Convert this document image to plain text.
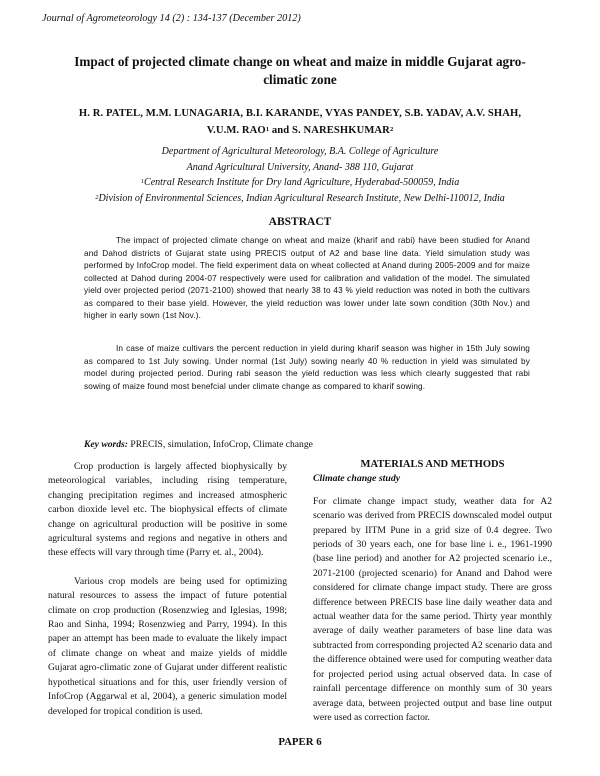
Journal of Agrometeorology 14 (2) : 134-137 (December 2012)
Impact of projected climate change on wheat and maize in middle Gujarat agro-climatic zone
H. R. PATEL, M.M. LUNAGARIA, B.I. KARANDE, VYAS PANDEY, S.B. YADAV, A.V. SHAH,
V.U.M. RAO$^1$ and S. NARESHKUMAR$^2$
Department of Agricultural Meteorology, B.A. College of Agriculture
Anand Agricultural University, Anand- 388 110, Gujarat
$^1$Central Research Institute for Dry land Agriculture, Hyderabad-500059, India
$^2$Division of Environmental Sciences, Indian Agricultural Research Institute, New Delhi-110012, India
ABSTRACT
The impact of projected climate change on wheat and maize (kharif and rabi) have been studied for Anand and Dahod districts of Gujarat state using PRECIS output of A2 and base line data. Yield simulation study was performed by InfoCrop model. The field experiment data on wheat collected at Anand during 2005-2009 and for maize collected at Dahod during 2004-07 respectively were used for calibration and validation of the model. The simulated yield over projected period (2071-2100) showed that nearly 38 to 43 % yield reduction was noted in both the cultivars as compared to their base yield. However, the yield reduction was lower under late sown condition (30th Nov.) and higher in early sown (1st Nov.).
In case of maize cultivars the percent reduction in yield during kharif season was higher in 15th July sowing as compared to 1st July sowing. Under normal (1st July) sowing nearly 40 % reduction in yield was simulated by model during projected period. During rabi season the yield reduction was less which clearly suggested that rabi sowing of maize found most benefcial under climate change as compared to kharif sowing.
Key words: PRECIS, simulation, InfoCrop, Climate change

Crop production is largely affected biophysically by meteorological variables, including rising temperature, changing precipitation regimes and increased atmospheric carbon dioxide level etc. The biophysical effects of climate change on agricultural production will be positive in some agricultural systems and regions and negative in others and these effects will vary through time (Parry et. al., 2004).

Various crop models are being used for optimizing natural resources to assess the impact of future potential climate on crop production (Rosenzwieg and Iglesias, 1998; Rao and Sinha, 1994; Rosenzwieg and Parry, 1994). In this paper an attempt has been made to evaluate the likely impact of climate change on wheat and maize yields of middle Gujarat agro-climatic zone of Gujarat under different realistic hypothetical situations and for this, user friendly version of InfoCrop (Aggarwal et al, 2004), a generic simulation model developed for tropical condition is used.

MATERIALS AND METHODS

Climate change study

For climate change impact study, weather data for A2 scenario was derived from PRECIS downscaled model output prepared by IITM Pune in a grid size of 0.4 degree. Two periods of 30 years each, one for base line i. e., 1961-1990 (base line period) and another for A2 projected scenario i.e., 2071-2100 (projected scenario) for Anand and Dahod were considered for climate change impact study. There are gross difference between PRECIS base line daily weather data and actual weather data for the same period. Thirty year monthly average of daily weather parameters of base line data was subtracted from corresponding projected A2 scenario data and the difference obtained were used for computing weather data for projected period using actual observed data. In case of rainfall percentage difference on monthly sum of 30 years average data, between projected output and base line output were used as correction factor.

PAPER 6
